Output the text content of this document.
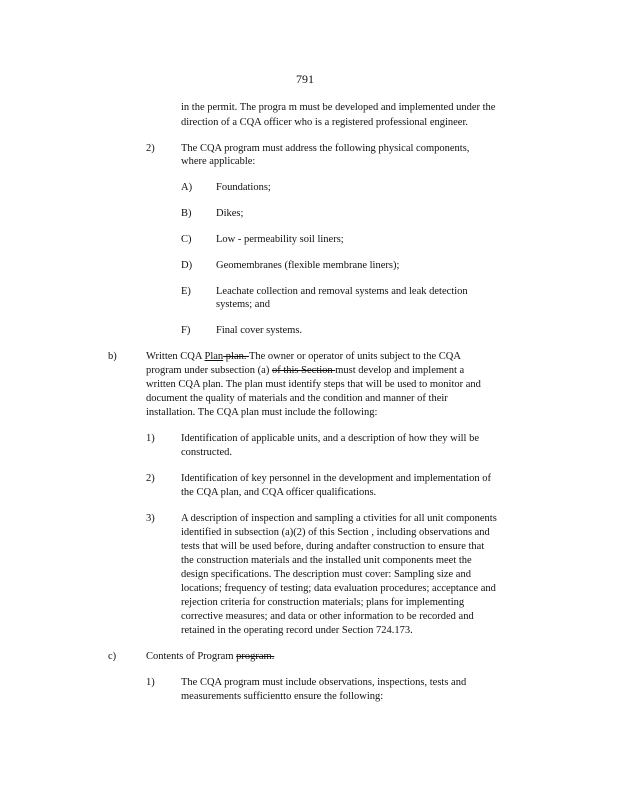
791
in the permit. The progra m must be developed and implemented under the
direction of a CQA officer who is a registered professional engineer.
2)	The CQA program must address the following physical components,
where applicable:
A) Foundations;
B) Dikes;
C) Low - permeability soil liners;
D) Geomembranes (flexible membrane liners);
E) Leachate collection and removal systems and leak detection
systems; and
F) Final cover systems.
b)	Written CQA Plan plan. The owner or operator of units subject to the CQA
program under subsection (a) of this Section must develop and implement a
written CQA plan. The plan must identify steps that will be used to monitor and
document the quality of materials and the condition and manner of their
installation. The CQA plan must include the following:
1)	Identification of applicable units, and a description of how they will be
constructed.
2)	Identification of key personnel in the development and implementation of
the CQA plan, and CQA officer qualifications.
3)	A description of inspection and sampling a ctivities for all unit components
identified in subsection (a)(2) of this Section , including observations and
tests that will be used before, during andafter construction to ensure that
the construction materials and the installed unit components meet the
design specifications. The description must cover: Sampling size and
locations; frequency of testing; data evaluation procedures; acceptance and
rejection criteria for construction materials; plans for implementing
corrective measures; and data or other information to be recorded and
retained in the operating record under Section 724.173.
c)	Contents of Program program.
1)	The CQA program must include observations, inspections, tests and
measurements sufficientto ensure the following:
